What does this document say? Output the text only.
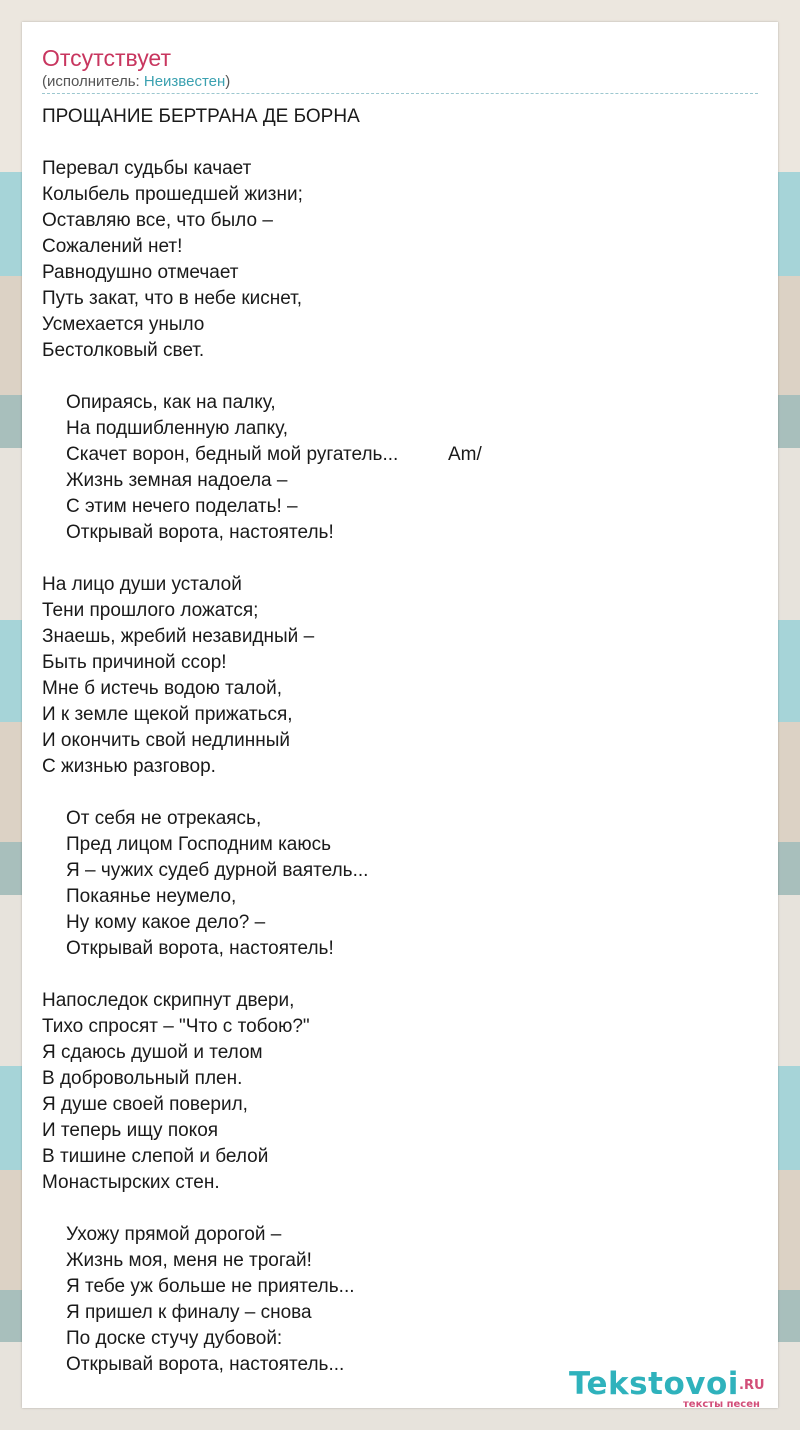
Отсутствует
(исполнитель: Неизвестен)
ПРОЩАНИЕ БЕРТРАНА ДЕ БОРНА
Перевал судьбы качает
Колыбель прошедшей жизни;
Оставляю все, что было –
Сожалений нет!
Равнодушно отмечает
Путь закат, что в небе киснет,
Усмехается уныло
Бестолковый свет.
Опираясь, как на палку,
На подшибленную лапку,
Скачет ворон, бедный мой ругатель...	Am/
Жизнь земная надоела –
С этим нечего поделать! –
Открывай ворота, настоятель!
На лицо души усталой
Тени прошлого ложатся;
Знаешь, жребий незавидный –
Быть причиной ссор!
Мне б истечь водою талой,
И к земле щекой прижаться,
И окончить свой недлинный
С жизнью разговор.
От себя не отрекаясь,
Пред лицом Господним каюсь
Я – чужих судеб дурной ваятель...
Покаянье неумело,
Ну кому какое дело? –
Открывай ворота, настоятель!
Напоследок скрипнут двери,
Тихо спросят – "Что с тобою?"
Я сдаюсь душой и телом
В добровольный плен.
Я душе своей поверил,
И теперь ищу покоя
В тишине слепой и белой
Монастырских стен.
Ухожу прямой дорогой –
Жизнь моя, меня не трогай!
Я тебе уж больше не приятель...
Я пришел к финалу – снова
По доске стучу дубовой:
Открывай ворота, настоятель...
Tekstovoi .RU
тексты песен
